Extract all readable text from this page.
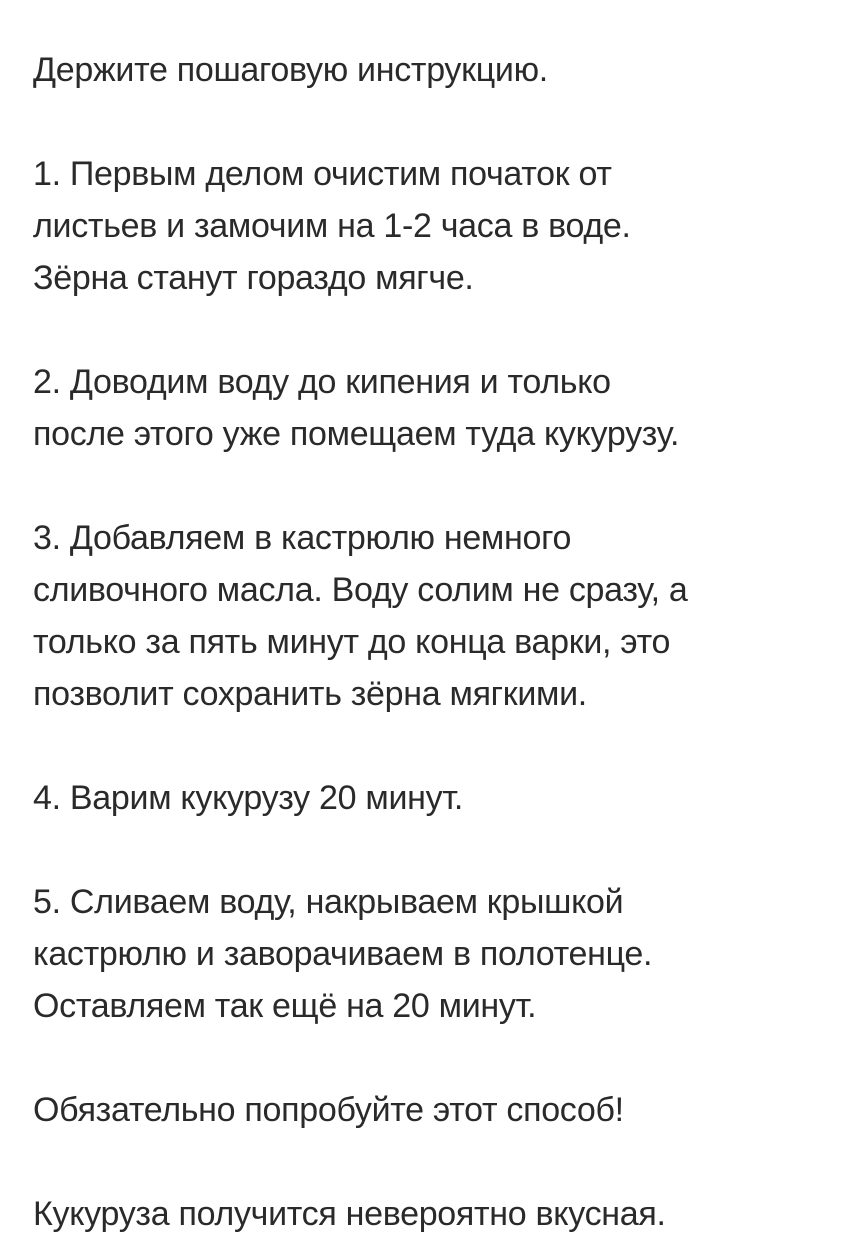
Держите пошаговую инструкцию.

1. Первым делом очистим початок от
листьев и замочим на 1-2 часа в воде.
Зёрна станут гораздо мягче.

2. Доводим воду до кипения и только
после этого уже помещаем туда кукурузу.

3. Добавляем в кастрюлю немного
сливочного масла. Воду солим не сразу, а
только за пять минут до конца варки, это
позволит сохранить зёрна мягкими.

4. Варим кукурузу 20 минут.

5. Сливаем воду, накрываем крышкой
кастрюлю и заворачиваем в полотенце.
Оставляем так ещё на 20 минут.

Обязательно попробуйте этот способ!

Кукуруза получится невероятно вкусная.
